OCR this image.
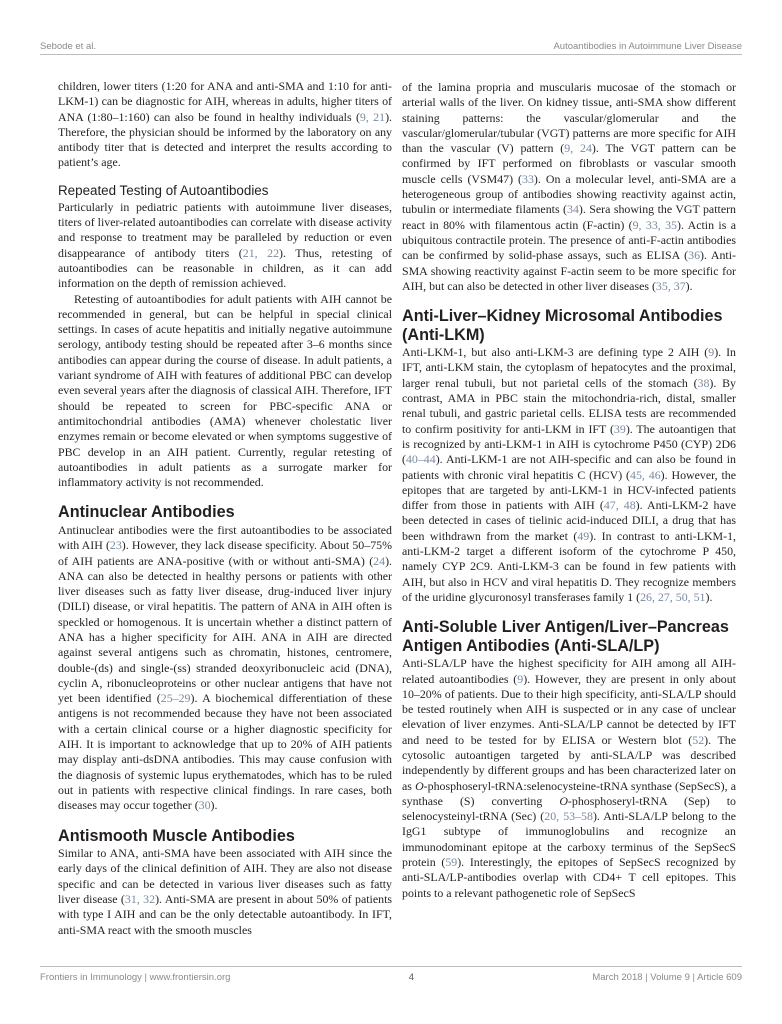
Sebode et al.	Autoantibodies in Autoimmune Liver Disease

children, lower titers (1:20 for ANA and anti-SMA and 1:10 for anti-LKM-1) can be diagnostic for AIH, whereas in adults, higher titers of ANA (1:80–1:160) can also be found in healthy individuals (9, 21). Therefore, the physician should be informed by the laboratory on any antibody titer that is detected and interpret the results according to patient’s age.

Repeated Testing of Autoantibodies

Particularly in pediatric patients with autoimmune liver diseases, titers of liver-related autoantibodies can correlate with disease activity and response to treatment may be paralleled by reduction or even disappearance of antibody titers (21, 22). Thus, retesting of autoantibodies can be reasonable in children, as it can add information on the depth of remission achieved.

Retesting of autoantibodies for adult patients with AIH cannot be recommended in general, but can be helpful in special clinical settings. In cases of acute hepatitis and initially negative autoimmune serology, antibody testing should be repeated after 3–6 months since antibodies can appear during the course of disease. In adult patients, a variant syndrome of AIH with features of additional PBC can develop even several years after the diagnosis of classical AIH. Therefore, IFT should be repeated to screen for PBC-specific ANA or antimitochondrial antibodies (AMA) whenever cholestatic liver enzymes remain or become elevated or when symptoms suggestive of PBC develop in an AIH patient. Currently, regular retesting of autoantibodies in adult patients as a surrogate marker for inflammatory activity is not recommended.

Antinuclear Antibodies

Antinuclear antibodies were the first autoantibodies to be associated with AIH (23). However, they lack disease specificity. About 50–75% of AIH patients are ANA-positive (with or without anti-SMA) (24). ANA can also be detected in healthy persons or patients with other liver diseases such as fatty liver disease, drug-induced liver injury (DILI) disease, or viral hepatitis. The pattern of ANA in AIH often is speckled or homogenous. It is uncertain whether a distinct pattern of ANA has a higher specificity for AIH. ANA in AIH are directed against several antigens such as chromatin, histones, centromere, double-(ds) and single-(ss) stranded deoxyribonucleic acid (DNA), cyclin A, ribonucleoproteins or other nuclear antigens that have not yet been identified (25–29). A biochemical differentiation of these antigens is not recommended because they have not been associated with a certain clinical course or a higher diagnostic specificity for AIH. It is important to acknowledge that up to 20% of AIH patients may display anti-dsDNA antibodies. This may cause confusion with the diagnosis of systemic lupus erythematodes, which has to be ruled out in patients with respective clinical findings. In rare cases, both diseases may occur together (30).

Antismooth Muscle Antibodies

Similar to ANA, anti-SMA have been associated with AIH since the early days of the clinical definition of AIH. They are also not disease specific and can be detected in various liver diseases such as fatty liver disease (31, 32). Anti-SMA are present in about 50% of patients with type I AIH and can be the only detectable autoantibody. In IFT, anti-SMA react with the smooth muscles

of the lamina propria and muscularis mucosae of the stomach or arterial walls of the liver. On kidney tissue, anti-SMA show different staining patterns: the vascular/glomerular and the vascular/glomerular/tubular (VGT) patterns are more specific for AIH than the vascular (V) pattern (9, 24). The VGT pattern can be confirmed by IFT performed on fibroblasts or vascular smooth muscle cells (VSM47) (33). On a molecular level, anti-SMA are a heterogeneous group of antibodies showing reactivity against actin, tubulin or intermediate filaments (34). Sera showing the VGT pattern react in 80% with filamentous actin (F-actin) (9, 33, 35). Actin is a ubiquitous contractile protein. The presence of anti-F-actin antibodies can be confirmed by solid-phase assays, such as ELISA (36). Anti-SMA showing reactivity against F-actin seem to be more specific for AIH, but can also be detected in other liver diseases (35, 37).

Anti-Liver–Kidney Microsomal Antibodies (Anti-LKM)

Anti-LKM-1, but also anti-LKM-3 are defining type 2 AIH (9). In IFT, anti-LKM stain, the cytoplasm of hepatocytes and the proximal, larger renal tubuli, but not parietal cells of the stomach (38). By contrast, AMA in PBC stain the mitochondria-rich, distal, smaller renal tubuli, and gastric parietal cells. ELISA tests are recommended to confirm positivity for anti-LKM in IFT (39). The autoantigen that is recognized by anti-LKM-1 in AIH is cytochrome P450 (CYP) 2D6 (40–44). Anti-LKM-1 are not AIH-specific and can also be found in patients with chronic viral hepatitis C (HCV) (45, 46). However, the epitopes that are targeted by anti-LKM-1 in HCV-infected patients differ from those in patients with AIH (47, 48). Anti-LKM-2 have been detected in cases of tielinic acid-induced DILI, a drug that has been withdrawn from the market (49). In contrast to anti-LKM-1, anti-LKM-2 target a different isoform of the cytochrome P 450, namely CYP 2C9. Anti-LKM-3 can be found in few patients with AIH, but also in HCV and viral hepatitis D. They recognize members of the uridine glycuronosyl transferases family 1 (26, 27, 50, 51).

Anti-Soluble Liver Antigen/Liver–Pancreas Antigen Antibodies (Anti-SLA/LP)

Anti-SLA/LP have the highest specificity for AIH among all AIH-related autoantibodies (9). However, they are present in only about 10–20% of patients. Due to their high specificity, anti-SLA/LP should be tested routinely when AIH is suspected or in any case of unclear elevation of liver enzymes. Anti-SLA/LP cannot be detected by IFT and need to be tested for by ELISA or Western blot (52). The cytosolic autoantigen targeted by anti-SLA/LP was described independently by different groups and has been characterized later on as O-phosphoseryl-tRNA:selenocysteine-tRNA synthase (SepSecS), a synthase (S) converting O-phosphoseryl-tRNA (Sep) to selenocysteinyl-tRNA (Sec) (20, 53–58). Anti-SLA/LP belong to the IgG1 subtype of immunoglobulins and recognize an immunodominant epitope at the carboxy terminus of the SepSecS protein (59). Interestingly, the epitopes of SepSecS recognized by anti-SLA/LP-antibodies overlap with CD4+ T cell epitopes. This points to a relevant pathogenetic role of SepSecS

Frontiers in Immunology | www.frontiersin.org	4	March 2018 | Volume 9 | Article 609
